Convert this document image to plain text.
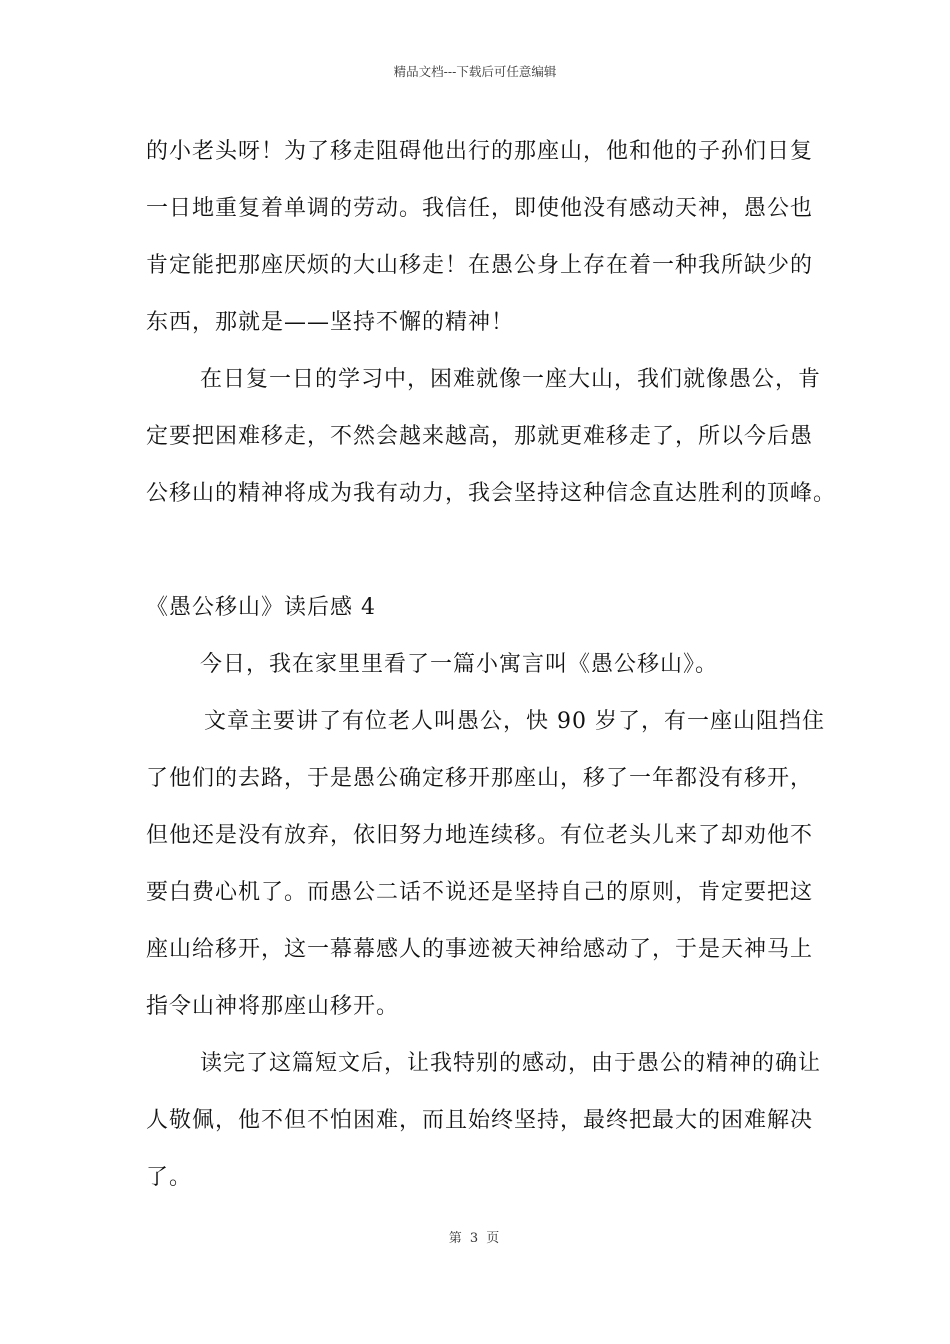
精品文档---下载后可任意编辑
的小老头呀！为了移走阻碍他出行的那座山，他和他的子孙们日复
一日地重复着单调的劳动。我信任，即使他没有感动天神，愚公也
肯定能把那座厌烦的大山移走！在愚公身上存在着一种我所缺少的
东西，那就是——坚持不懈的精神！
在日复一日的学习中，困难就像一座大山，我们就像愚公，肯
定要把困难移走，不然会越来越高，那就更难移走了，所以今后愚
公移山的精神将成为我有动力，我会坚持这种信念直达胜利的顶峰。
《愚公移山》读后感 4
今日，我在家里里看了一篇小寓言叫《愚公移山》。
文章主要讲了有位老人叫愚公，快 90 岁了，有一座山阻挡住
了他们的去路，于是愚公确定移开那座山，移了一年都没有移开，
但他还是没有放弃，依旧努力地连续移。有位老头儿来了却劝他不
要白费心机了。而愚公二话不说还是坚持自己的原则，肯定要把这
座山给移开，这一幕幕感人的事迹被天神给感动了，于是天神马上
指令山神将那座山移开。
读完了这篇短文后，让我特别的感动，由于愚公的精神的确让
人敬佩，他不但不怕困难，而且始终坚持，最终把最大的困难解决
了。
第 3 页
